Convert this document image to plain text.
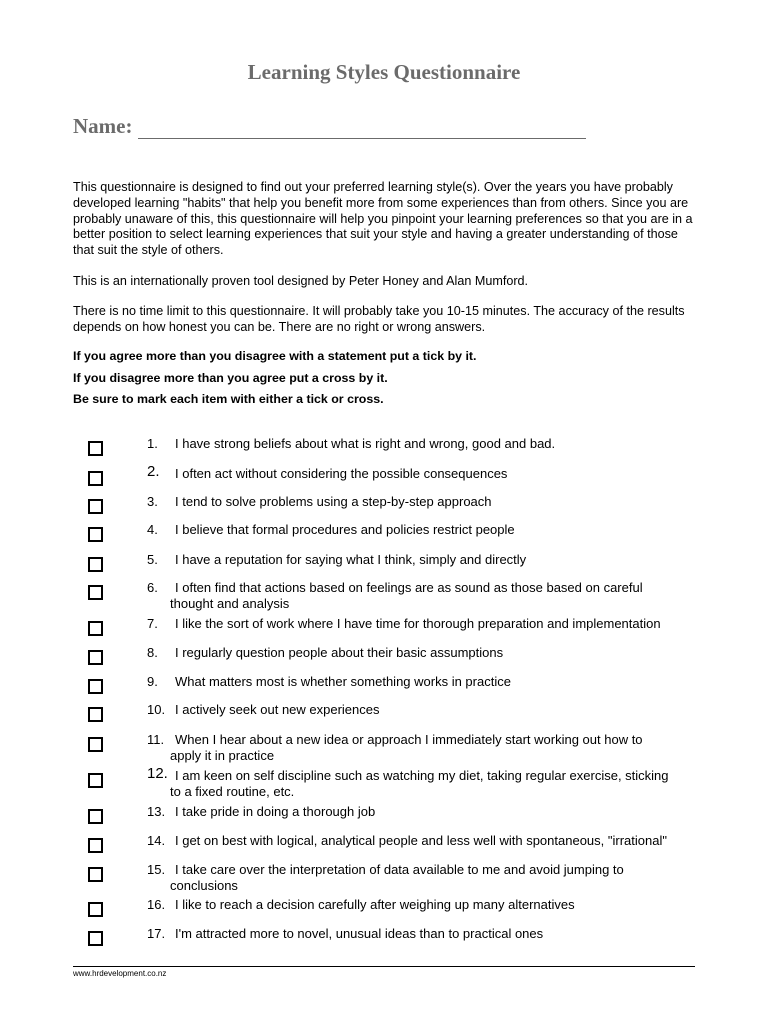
Learning Styles Questionnaire
Name:

This questionnaire is designed to find out your preferred learning style(s). Over the years you have probably developed learning "habits" that help you benefit more from some experiences than from others. Since you are probably unaware of this, this questionnaire will help you pinpoint your learning preferences so that you are in a better position to select learning experiences that suit your style and having a greater understanding of those that suit the style of others.

This is an internationally proven tool designed by Peter Honey and Alan Mumford.

There is no time limit to this questionnaire. It will probably take you 10-15 minutes. The accuracy of the results depends on how honest you can be. There are no right or wrong answers.

If you agree more than you disagree with a statement put a tick by it.
If you disagree more than you agree put a cross by it.
Be sure to mark each item with either a tick or cross.
1. I have strong beliefs about what is right and wrong, good and bad.
2. I often act without considering the possible consequences
3. I tend to solve problems using a step-by-step approach
4. I believe that formal procedures and policies restrict people
5. I have a reputation for saying what I think, simply and directly
6. I often find that actions based on feelings are as sound as those based on careful
thought and analysis
7. I like the sort of work where I have time for thorough preparation and implementation
8. I regularly question people about their basic assumptions
9. What matters most is whether something works in practice
10. I actively seek out new experiences
11. When I hear about a new idea or approach I immediately start working out how to
apply it in practice
12. I am keen on self discipline such as watching my diet, taking regular exercise, sticking
to a fixed routine, etc.
13. I take pride in doing a thorough job
14. I get on best with logical, analytical people and less well with spontaneous, "irrational"
15. I take care over the interpretation of data available to me and avoid jumping to
conclusions
16. I like to reach a decision carefully after weighing up many alternatives
17. I'm attracted more to novel, unusual ideas than to practical ones
www.hrdevelopment.co.nz
